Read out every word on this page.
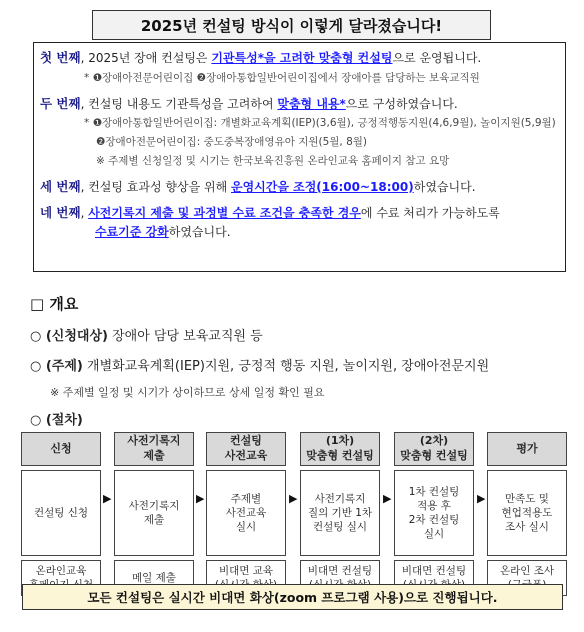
2025년 컨설팅 방식이 이렇게 달라졌습니다!

첫 번째, 2025년 장애 컨설팅은 기관특성*을 고려한 맞춤형 컨설팅으로 운영됩니다.

* ❶장애아전문어린이집 ❷장애아통합일반어린이집에서 장애아를 담당하는 보육교직원

두 번째, 컨설팅 내용도 기관특성을 고려하여 맞춤형 내용*으로 구성하였습니다.

* ❶장애아통합일반어린이집: 개별화교육계획(IEP)(3,6월), 긍정적행동지원(4,6,9월), 놀이지원(5,9월)

❷장애아전문어린이집: 중도중복장애영유아 지원(5월, 8월)

※ 주제별 신청일정 및 시기는 한국보육진흥원 온라인교육 홈페이지 참고 요망

세 번째, 컨설팅 효과성 향상을 위해 운영시간을 조정(16:00~18:00)하였습니다.

네 번째, 사전기록지 제출 및 과정별 수료 조건을 충족한 경우에 수료 처리가 가능하도록

수료기준 강화하였습니다.

□ 개요
○ (신청대상) 장애아 담당 보육교직원 등
○ (주제) 개별화교육계획(IEP)지원, 긍정적 행동 지원, 놀이지원, 장애아전문지원
※ 주제별 일정 및 시기가 상이하므로 상세 일정 확인 필요
○ (절차)
신청
컨설팅 신청
온라인교육

▶
사전기록지
제출
사전기록지
제출
메일 제출
▶
컨설팅
사전교육
주제별
사전교육
실시
비대면 교육

▶
(1차)
맞춤형 컨설팅
사전기록지
질의 기반 1차
컨설팅 실시
비대면 컨설팅

▶
(2차)
맞춤형 컨설팅
1차 컨설팅
적용 후
2차 컨설팅
실시
비대면 컨설팅

▶
평가
만족도 및
현업적용도
조사 실시
온라인 조사

모든 컨설팅은 실시간 비대면 화상(zoom 프로그램 사용)으로 진행됩니다.
